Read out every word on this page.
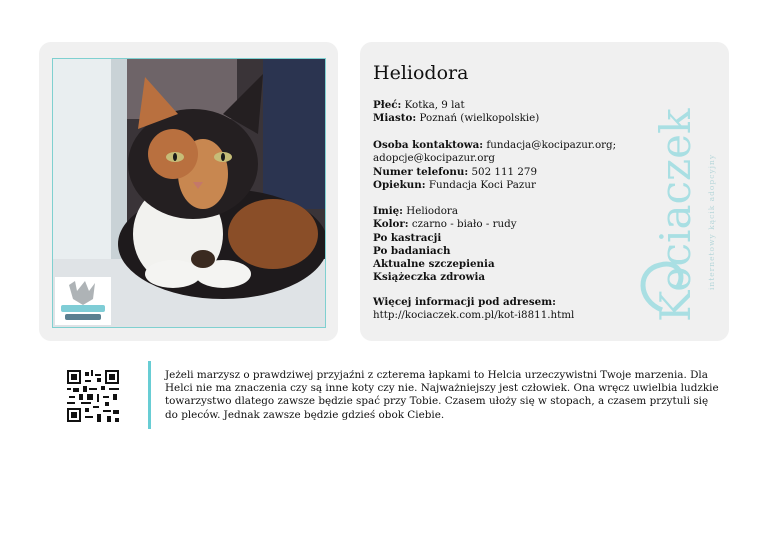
Heliodora
Płeć: Kotka, 9 lat
Miasto: Poznań (wielkopolskie)
Osoba kontaktowa: fundacja@kocipazur.org;
adopcje@kocipazur.org
Numer telefonu: 502 111 279
Opiekun: Fundacja Koci Pazur
Imię: Heliodora
Kolor: czarno - biało - rudy
Po kastracji
Po badaniach
Aktualne szczepienia
Książeczka zdrowia
Więcej informacji pod adresem:
http://kociaczek.com.pl/kot-i8811.html	Kociaczek internetowy kącik adopcyjny
Jeżeli marzysz o prawdziwej przyjaźni z czterema łapkami to Helcia urzeczywistni Twoje marzenia. Dla Helci nie ma znaczenia czy są inne koty czy nie. Najważniejszy jest człowiek. Ona wręcz uwielbia ludzkie towarzystwo dlatego zawsze będzie spać przy Tobie. Czasem ułoży się w stopach, a czasem przytuli się do pleców. Jednak zawsze będzie gdzieś obok Ciebie.
